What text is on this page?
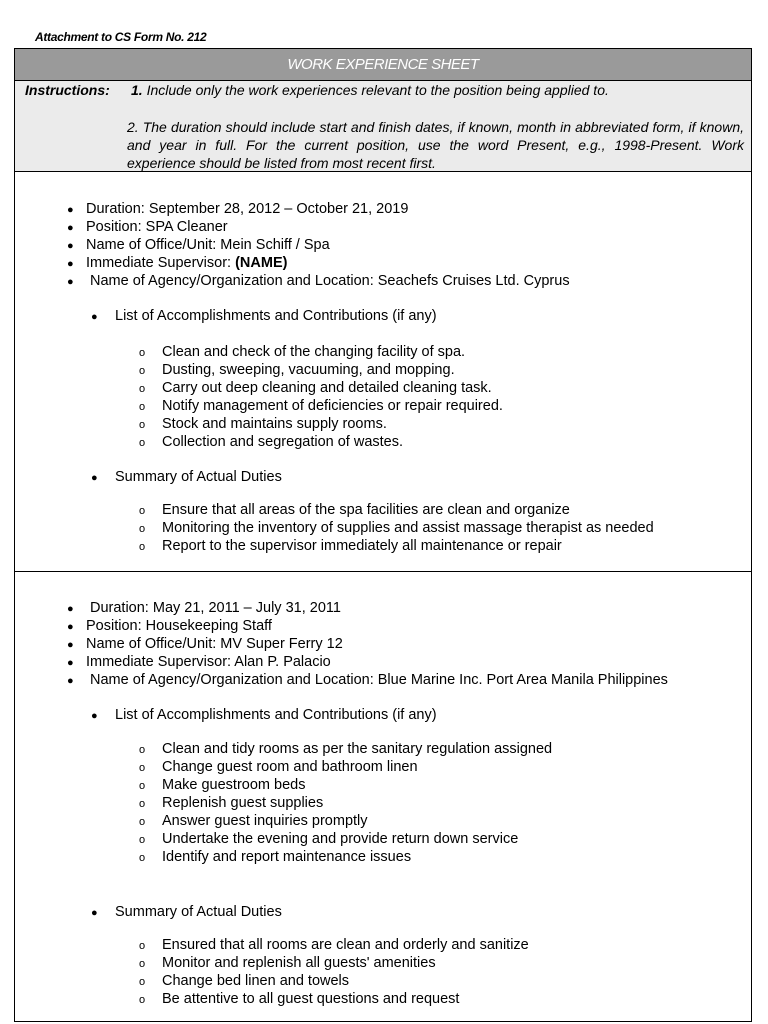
Attachment to CS Form No. 212
WORK EXPERIENCE SHEET
Instructions: 1. Include only the work experiences relevant to the position being applied to.
2. The duration should include start and finish dates, if known, month in abbreviated form, if known, and year in full. For the current position, use the word Present, e.g., 1998-Present. Work experience should be listed from most recent first.
● Duration: September 28, 2012 – October 21, 2019
● Position: SPA Cleaner
● Name of Office/Unit: Mein Schiff / Spa
● Immediate Supervisor: (NAME)
● Name of Agency/Organization and Location: Seachefs Cruises Ltd. Cyprus
● List of Accomplishments and Contributions (if any)
o Clean and check of the changing facility of spa.
o Dusting, sweeping, vacuuming, and mopping.
o Carry out deep cleaning and detailed cleaning task.
o Notify management of deficiencies or repair required.
o Stock and maintains supply rooms.
o Collection and segregation of wastes.
● Summary of Actual Duties
o Ensure that all areas of the spa facilities are clean and organize
o Monitoring the inventory of supplies and assist massage therapist as needed
o Report to the supervisor immediately all maintenance or repair
● Duration: May 21, 2011 – July 31, 2011
● Position: Housekeeping Staff
● Name of Office/Unit: MV Super Ferry 12
● Immediate Supervisor: Alan P. Palacio
● Name of Agency/Organization and Location: Blue Marine Inc. Port Area Manila Philippines
● List of Accomplishments and Contributions (if any)
o Clean and tidy rooms as per the sanitary regulation assigned
o Change guest room and bathroom linen
o Make guestroom beds
o Replenish guest supplies
o Answer guest inquiries promptly
o Undertake the evening and provide return down service
o Identify and report maintenance issues
● Summary of Actual Duties
o Ensured that all rooms are clean and orderly and sanitize
o Monitor and replenish all guests' amenities
o Change bed linen and towels
o Be attentive to all guest questions and request
